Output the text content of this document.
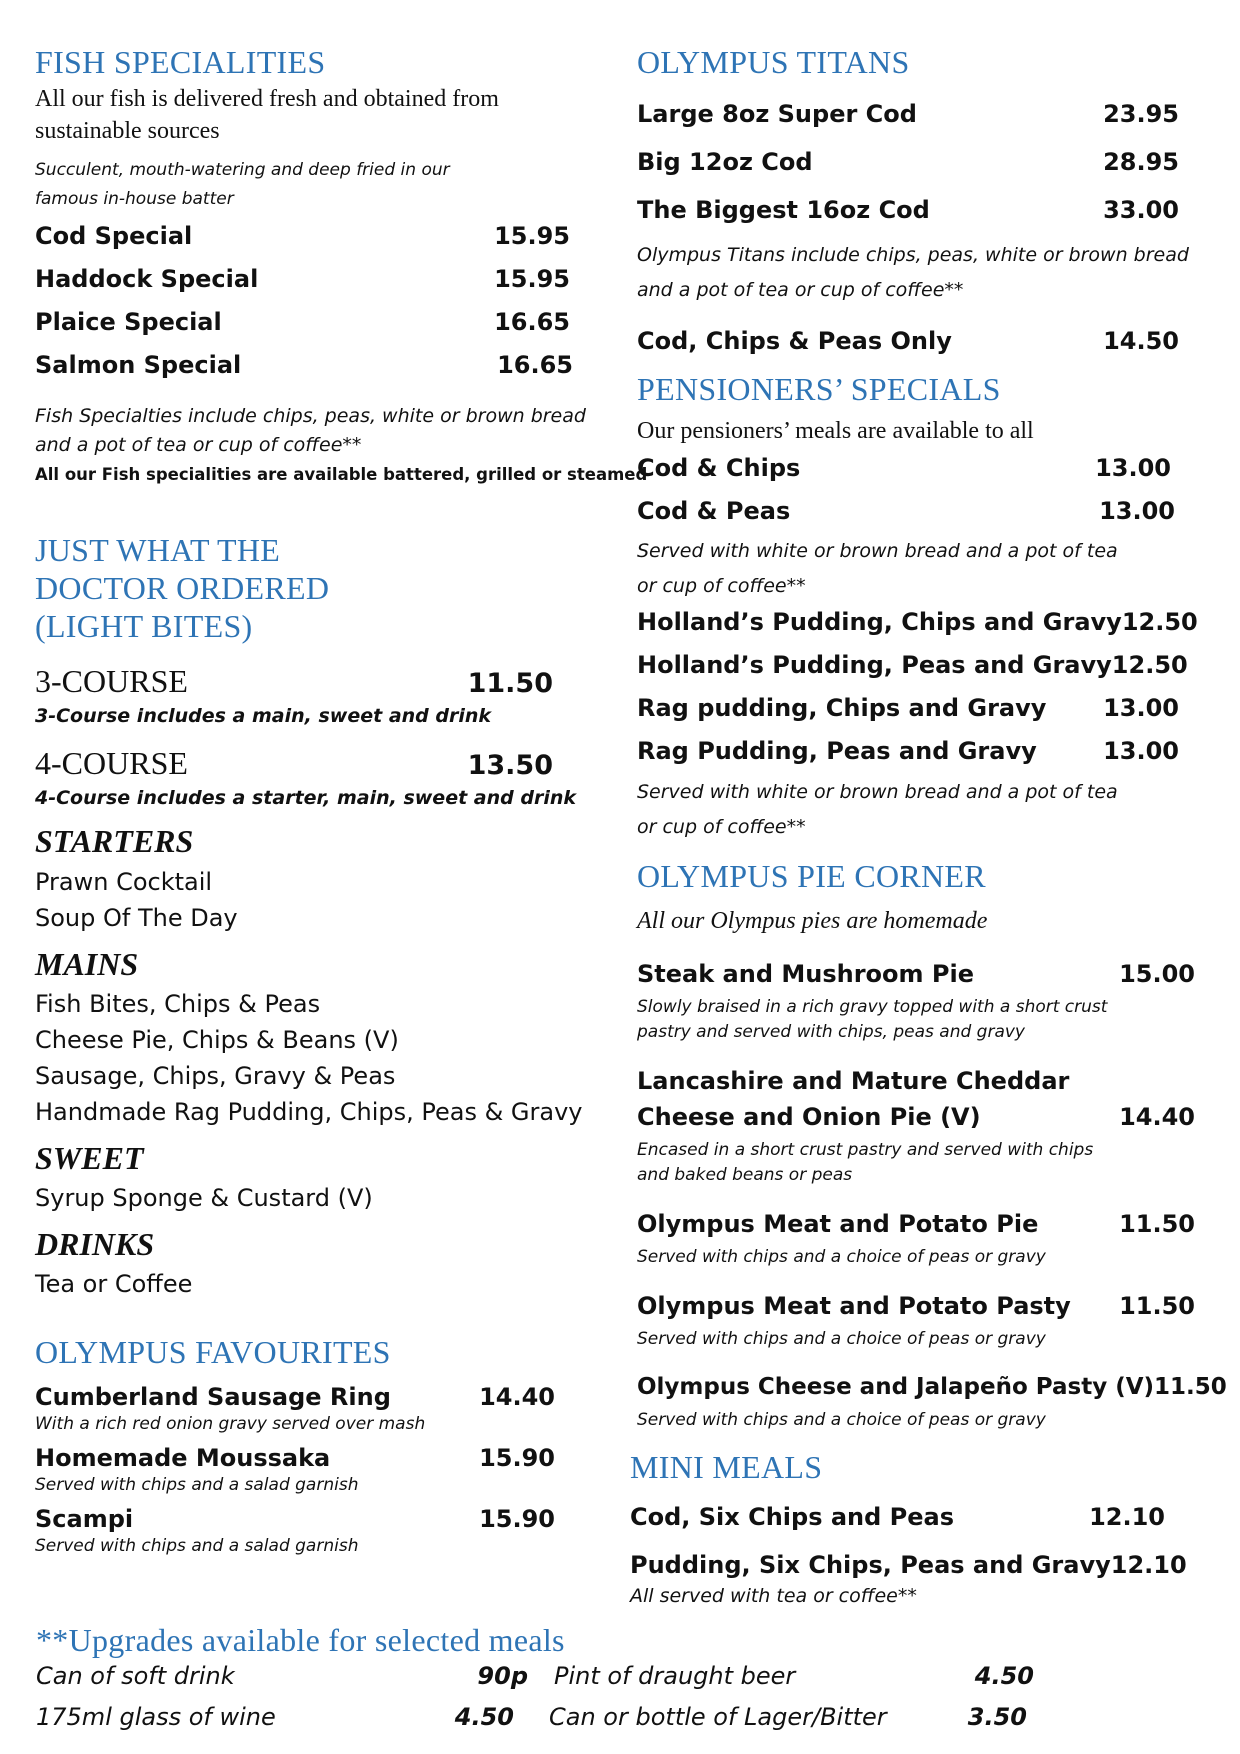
FISH SPECIALITIES
All our fish is delivered fresh and obtained from
sustainable sources
Succulent, mouth-watering and deep fried in our
famous in-house batter
Cod Special	15.95
Haddock Special	15.95
Plaice Special	16.65
Salmon Special	16.65
Fish Specialties include chips, peas, white or brown bread
and a pot of tea or cup of coffee**
All our Fish specialities are available battered, grilled or steamed
JUST WHAT THE
DOCTOR ORDERED
(LIGHT BITES)
3-COURSE	11.50
3-Course includes a main, sweet and drink
4-COURSE	13.50
4-Course includes a starter, main, sweet and drink
STARTERS
Prawn Cocktail
Soup Of The Day
MAINS
Fish Bites, Chips & Peas
Cheese Pie, Chips & Beans (V)
Sausage, Chips, Gravy & Peas
Handmade Rag Pudding, Chips, Peas & Gravy
SWEET
Syrup Sponge & Custard (V)
DRINKS
Tea or Coffee
OLYMPUS FAVOURITES
Cumberland Sausage Ring	14.40
With a rich red onion gravy served over mash
Homemade Moussaka	15.90
Served with chips and a salad garnish
Scampi	15.90
Served with chips and a salad garnish
OLYMPUS TITANS
Large 8oz Super Cod	23.95
Big 12oz Cod	28.95
The Biggest 16oz Cod	33.00
Olympus Titans include chips, peas, white or brown bread
and a pot of tea or cup of coffee**
Cod, Chips & Peas Only	14.50
PENSIONERS’ SPECIALS
Our pensioners’ meals are available to all
Cod & Chips	13.00
Cod & Peas	13.00
Served with white or brown bread and a pot of tea
or cup of coffee**
Holland’s Pudding, Chips and Gravy 12.50
Holland’s Pudding, Peas and Gravy 12.50
Rag pudding, Chips and Gravy 13.00
Rag Pudding, Peas and Gravy	13.00
Served with white or brown bread and a pot of tea
or cup of coffee**
OLYMPUS PIE CORNER
All our Olympus pies are homemade
Steak and Mushroom Pie	15.00
Slowly braised in a rich gravy topped with a short crust
pastry and served with chips, peas and gravy
Lancashire and Mature Cheddar
Cheese and Onion Pie (V)	14.40
Encased in a short crust pastry and served with chips
and baked beans or peas
Olympus Meat and Potato Pie	11.50
Served with chips and a choice of peas or gravy
Olympus Meat and Potato Pasty 11.50
Served with chips and a choice of peas or gravy
Olympus Cheese and Jalapeño Pasty (V) 11.50
Served with chips and a choice of peas or gravy
MINI MEALS
Cod, Six Chips and Peas	12.10
Pudding, Six Chips, Peas and Gravy 12.10
All served with tea or coffee**
**Upgrades available for selected meals
Can of soft drink	90p
175ml glass of wine	4.50
Pint of draught beer	4.50
Can or bottle of Lager/Bitter	3.50
